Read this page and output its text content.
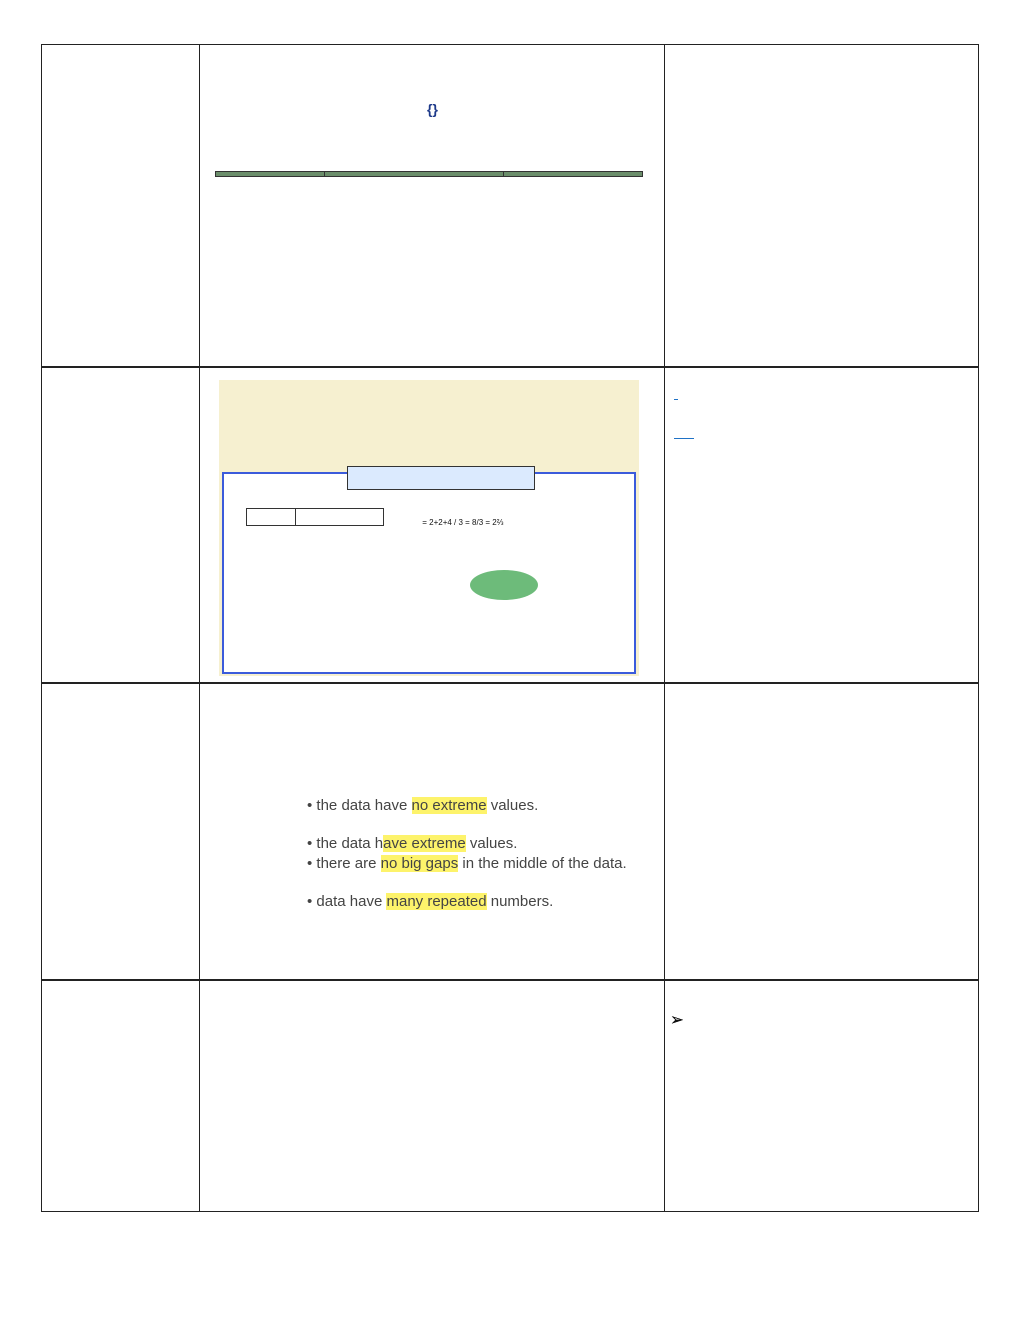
{}

= 2+2+4 / 3 = 8/3 = 2⅔
• the data have no extreme values.
• the data have extreme values.
• there are no big gaps in the middle of the data.
• data have many repeated numbers.
